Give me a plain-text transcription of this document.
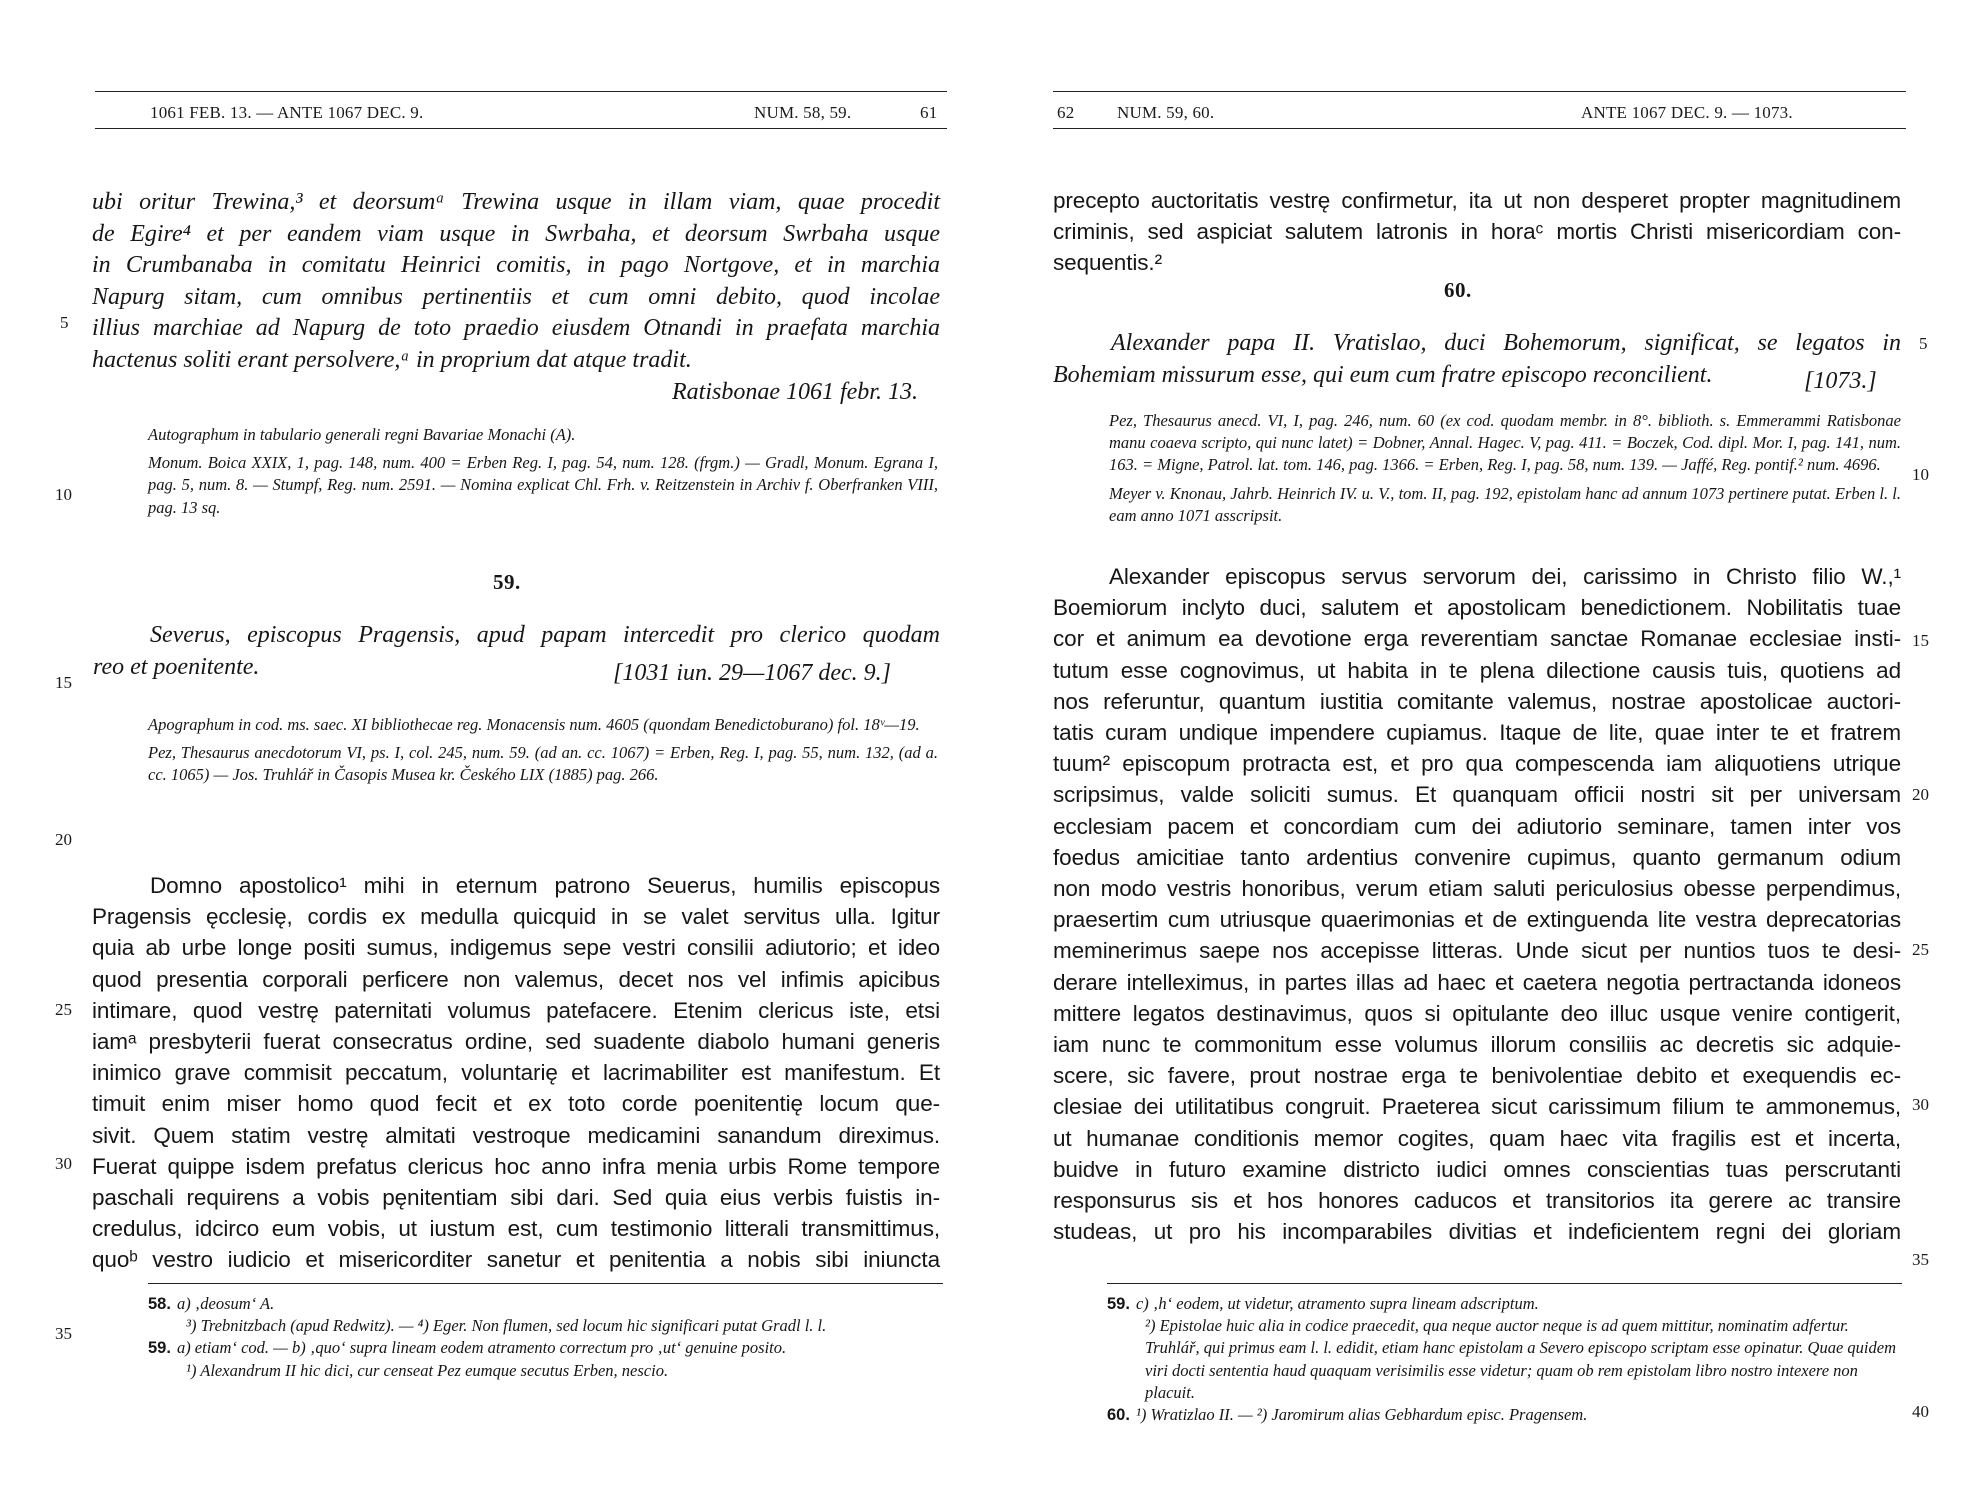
1061 FEB. 13. — ANTE 1067 DEC. 9.	NUM. 58, 59.	61

ubi oritur Trewina,³ et deorsumᵃ Trewina usque in illam viam, quae procedit

de Egire⁴ et per eandem viam usque in Swrbaha, et deorsum Swrbaha usque

in Crumbanaba in comitatu Heinrici comitis, in pago Nortgove, et in marchia

Napurg sitam, cum omnibus pertinentiis et cum omni debito, quod incolae

illius marchiae ad Napurg de toto praedio eiusdem Otnandi in praefata marchia

hactenus soliti erant persolvere,ᵃ in proprium dat atque tradit.

Ratisbonae 1061 febr. 13.

Autographum in tabulario generali regni Bavariae Monachi (A).

Monum. Boica XXIX, 1, pag. 148, num. 400 = Erben Reg. I, pag. 54, num. 128. (frgm.) — Gradl, Monum. Egrana I, pag. 5, num. 8. — Stumpf, Reg. num. 2591. — Nomina explicat Chl. Frh. v. Reitzenstein in Archiv f. Oberfranken VIII, pag. 13 sq.

59.
Severus, episcopus Pragensis, apud papam intercedit pro clerico quodam
reo et poenitente.	[1031 iun. 29—1067 dec. 9.]

Apographum in cod. ms. saec. XI bibliothecae reg. Monacensis num. 4605 (quondam Benedictoburano) fol. 18ᵛ—19.

Pez, Thesaurus anecdotorum VI, ps. I, col. 245, num. 59. (ad an. cc. 1067) = Erben, Reg. I, pag. 55, num. 132, (ad a. cc. 1065) — Jos. Truhlář in Časopis Musea kr. Českého LIX (1885) pag. 266.

Domno apostolico¹ mihi in eternum patrono Seuerus, humilis episcopus

Pragensis ęcclesię, cordis ex medulla quicquid in se valet servitus ulla. Igitur

quia ab urbe longe positi sumus, indigemus sepe vestri consilii adiutorio; et ideo

quod presentia corporali perficere non valemus, decet nos vel infimis apicibus

intimare, quod vestrę paternitati volumus patefacere. Etenim clericus iste, etsi

iamᵃ presbyterii fuerat consecratus ordine, sed suadente diabolo humani generis

inimico grave commisit peccatum, voluntarię et lacrimabiliter est manifestum. Et

timuit enim miser homo quod fecit et ex toto corde poenitentię locum que-

sivit. Quem statim vestrę almitati vestroque medicamini sanandum direximus.

Fuerat quippe isdem prefatus clericus hoc anno infra menia urbis Rome tempore

paschali requirens a vobis pęnitentiam sibi dari. Sed quia eius verbis fuistis in-

credulus, idcirco eum vobis, ut iustum est, cum testimonio litterali transmittimus,

quoᵇ vestro iudicio et misericorditer sanetur et penitentia a nobis sibi iniuncta

58. a) ‚deosum‘ A.
³) Trebnitzbach (apud Redwitz). — ⁴) Eger. Non flumen, sed locum hic significari putat Gradl l. l.
59. a) etiam‘ cod. — b) ‚quo‘ supra lineam eodem atramento correctum pro ‚ut‘ genuine posito.
¹) Alexandrum II hic dici, cur censeat Pez eumque secutus Erben, nescio.
5
10
15
20
25
30
35
62	NUM. 59, 60.	ANTE 1067 DEC. 9. — 1073.

precepto auctoritatis vestrę confirmetur, ita ut non desperet propter magnitudinem

criminis, sed aspiciat salutem latronis in horaᶜ mortis Christi misericordiam con-

sequentis.²

60.
Alexander papa II. Vratislao, duci Bohemorum, significat, se legatos in
Bohemiam missurum esse, qui eum cum fratre episcopo reconcilient.	[1073.]

Pez, Thesaurus anecd. VI, I, pag. 246, num. 60 (ex cod. quodam membr. in 8°. biblioth. s. Emmerammi Ratisbonae manu coaeva scripto, qui nunc latet) = Dobner, Annal. Hagec. V, pag. 411. = Boczek, Cod. dipl. Mor. I, pag. 141, num. 163. = Migne, Patrol. lat. tom. 146, pag. 1366. = Erben, Reg. I, pag. 58, num. 139. — Jaffé, Reg. pontif.² num. 4696.

Meyer v. Knonau, Jahrb. Heinrich IV. u. V., tom. II, pag. 192, epistolam hanc ad annum 1073 pertinere putat. Erben l. l. eam anno 1071 asscripsit.

Alexander episcopus servus servorum dei, carissimo in Christo filio W.,¹

Boemiorum inclyto duci, salutem et apostolicam benedictionem. Nobilitatis tuae

cor et animum ea devotione erga reverentiam sanctae Romanae ecclesiae insti-

tutum esse cognovimus, ut habita in te plena dilectione causis tuis, quotiens ad

nos referuntur, quantum iustitia comitante valemus, nostrae apostolicae auctori-

tatis curam undique impendere cupiamus. Itaque de lite, quae inter te et fratrem

tuum² episcopum protracta est, et pro qua compescenda iam aliquotiens utrique

scripsimus, valde soliciti sumus. Et quanquam officii nostri sit per universam

ecclesiam pacem et concordiam cum dei adiutorio seminare, tamen inter vos

foedus amicitiae tanto ardentius convenire cupimus, quanto germanum odium

non modo vestris honoribus, verum etiam saluti periculosius obesse perpendimus,

praesertim cum utriusque quaerimonias et de extinguenda lite vestra deprecatorias

meminerimus saepe nos accepisse litteras. Unde sicut per nuntios tuos te desi-

derare intelleximus, in partes illas ad haec et caetera negotia pertractanda idoneos

mittere legatos destinavimus, quos si opitulante deo illuc usque venire contigerit,

iam nunc te commonitum esse volumus illorum consiliis ac decretis sic adquie-

scere, sic favere, prout nostrae erga te benivolentiae debito et exequendis ec-

clesiae dei utilitatibus congruit. Praeterea sicut carissimum filium te ammonemus,

ut humanae conditionis memor cogites, quam haec vita fragilis est et incerta,

buidve in futuro examine districto iudici omnes conscientias tuas perscrutanti

responsurus sis et hos honores caducos et transitorios ita gerere ac transire

studeas, ut pro his incomparabiles divitias et indeficientem regni dei gloriam

59. c) ‚h‘ eodem, ut videtur, atramento supra lineam adscriptum.
²) Epistolae huic alia in codice praecedit, qua neque auctor neque is ad quem mittitur, nominatim adfertur. Truhlář, qui primus eam l. l. edidit, etiam hanc epistolam a Severo episcopo scriptam esse opinatur. Quae quidem viri docti sententia haud quaquam verisimilis esse videtur; quam ob rem epistolam libro nostro intexere non placuit.
60. ¹) Wratizlao II. — ²) Jaromirum alias Gebhardum episc. Pragensem.
5
10
15
20
25
30
35
40
